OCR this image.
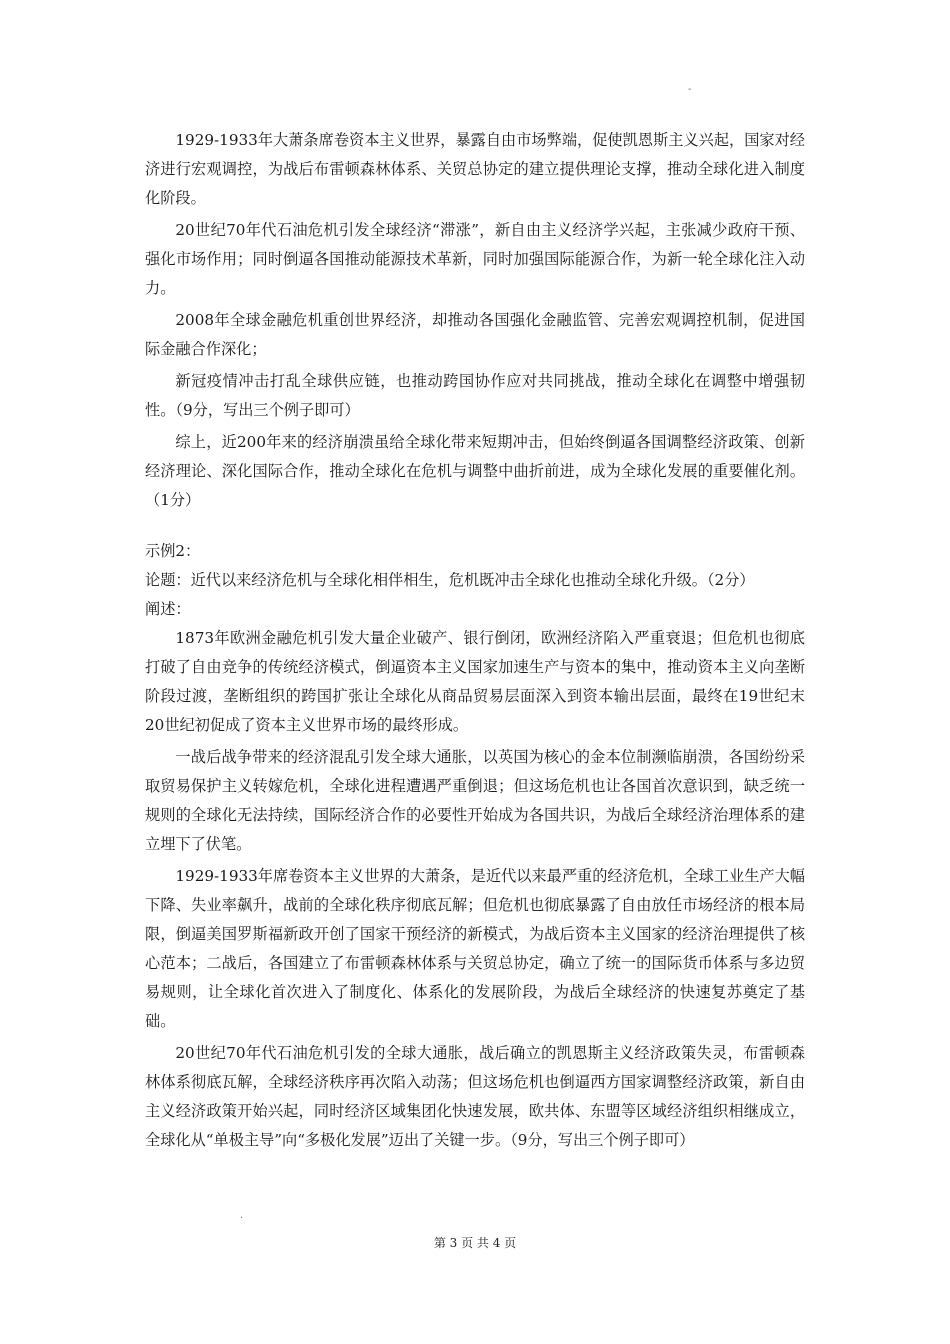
-

1929-1933年大萧条席卷资本主义世界，暴露自由市场弊端，促使凯恩斯主义兴起，国家对经济进行宏观调控，为战后布雷顿森林体系、关贸总协定的建立提供理论支撑，推动全球化进入制度化阶段。

20世纪70年代石油危机引发全球经济“滞涨”，新自由主义经济学兴起，主张减少政府干预、强化市场作用；同时倒逼各国推动能源技术革新，同时加强国际能源合作，为新一轮全球化注入动力。

2008年全球金融危机重创世界经济，却推动各国强化金融监管、完善宏观调控机制，促进国际金融合作深化；

新冠疫情冲击打乱全球供应链，也推动跨国协作应对共同挑战，推动全球化在调整中增强韧性。（9分，写出三个例子即可）

综上，近200年来的经济崩溃虽给全球化带来短期冲击，但始终倒逼各国调整经济政策、创新经济理论、深化国际合作，推动全球化在危机与调整中曲折前进，成为全球化发展的重要催化剂。（1分）

示例2：

论题：近代以来经济危机与全球化相伴相生，危机既冲击全球化也推动全球化升级。（2分）

阐述：

1873年欧洲金融危机引发大量企业破产、银行倒闭，欧洲经济陷入严重衰退；但危机也彻底打破了自由竞争的传统经济模式，倒逼资本主义国家加速生产与资本的集中，推动资本主义向垄断阶段过渡，垄断组织的跨国扩张让全球化从商品贸易层面深入到资本输出层面，最终在19世纪末20世纪初促成了资本主义世界市场的最终形成。

一战后战争带来的经济混乱引发全球大通胀，以英国为核心的金本位制濒临崩溃，各国纷纷采取贸易保护主义转嫁危机，全球化进程遭遇严重倒退；但这场危机也让各国首次意识到，缺乏统一规则的全球化无法持续，国际经济合作的必要性开始成为各国共识，为战后全球经济治理体系的建立埋下了伏笔。

1929-1933年席卷资本主义世界的大萧条，是近代以来最严重的经济危机，全球工业生产大幅下降、失业率飙升，战前的全球化秩序彻底瓦解；但危机也彻底暴露了自由放任市场经济的根本局限，倒逼美国罗斯福新政开创了国家干预经济的新模式，为战后资本主义国家的经济治理提供了核心范本；二战后，各国建立了布雷顿森林体系与关贸总协定，确立了统一的国际货币体系与多边贸易规则，让全球化首次进入了制度化、体系化的发展阶段，为战后全球经济的快速复苏奠定了基础。

20世纪70年代石油危机引发的全球大通胀，战后确立的凯恩斯主义经济政策失灵，布雷顿森林体系彻底瓦解，全球经济秩序再次陷入动荡；但这场危机也倒逼西方国家调整经济政策，新自由主义经济政策开始兴起，同时经济区域集团化快速发展，欧共体、东盟等区域经济组织相继成立，全球化从“单极主导”向“多极化发展”迈出了关键一步。（9分，写出三个例子即可）

.
第 3 页 共 4 页
